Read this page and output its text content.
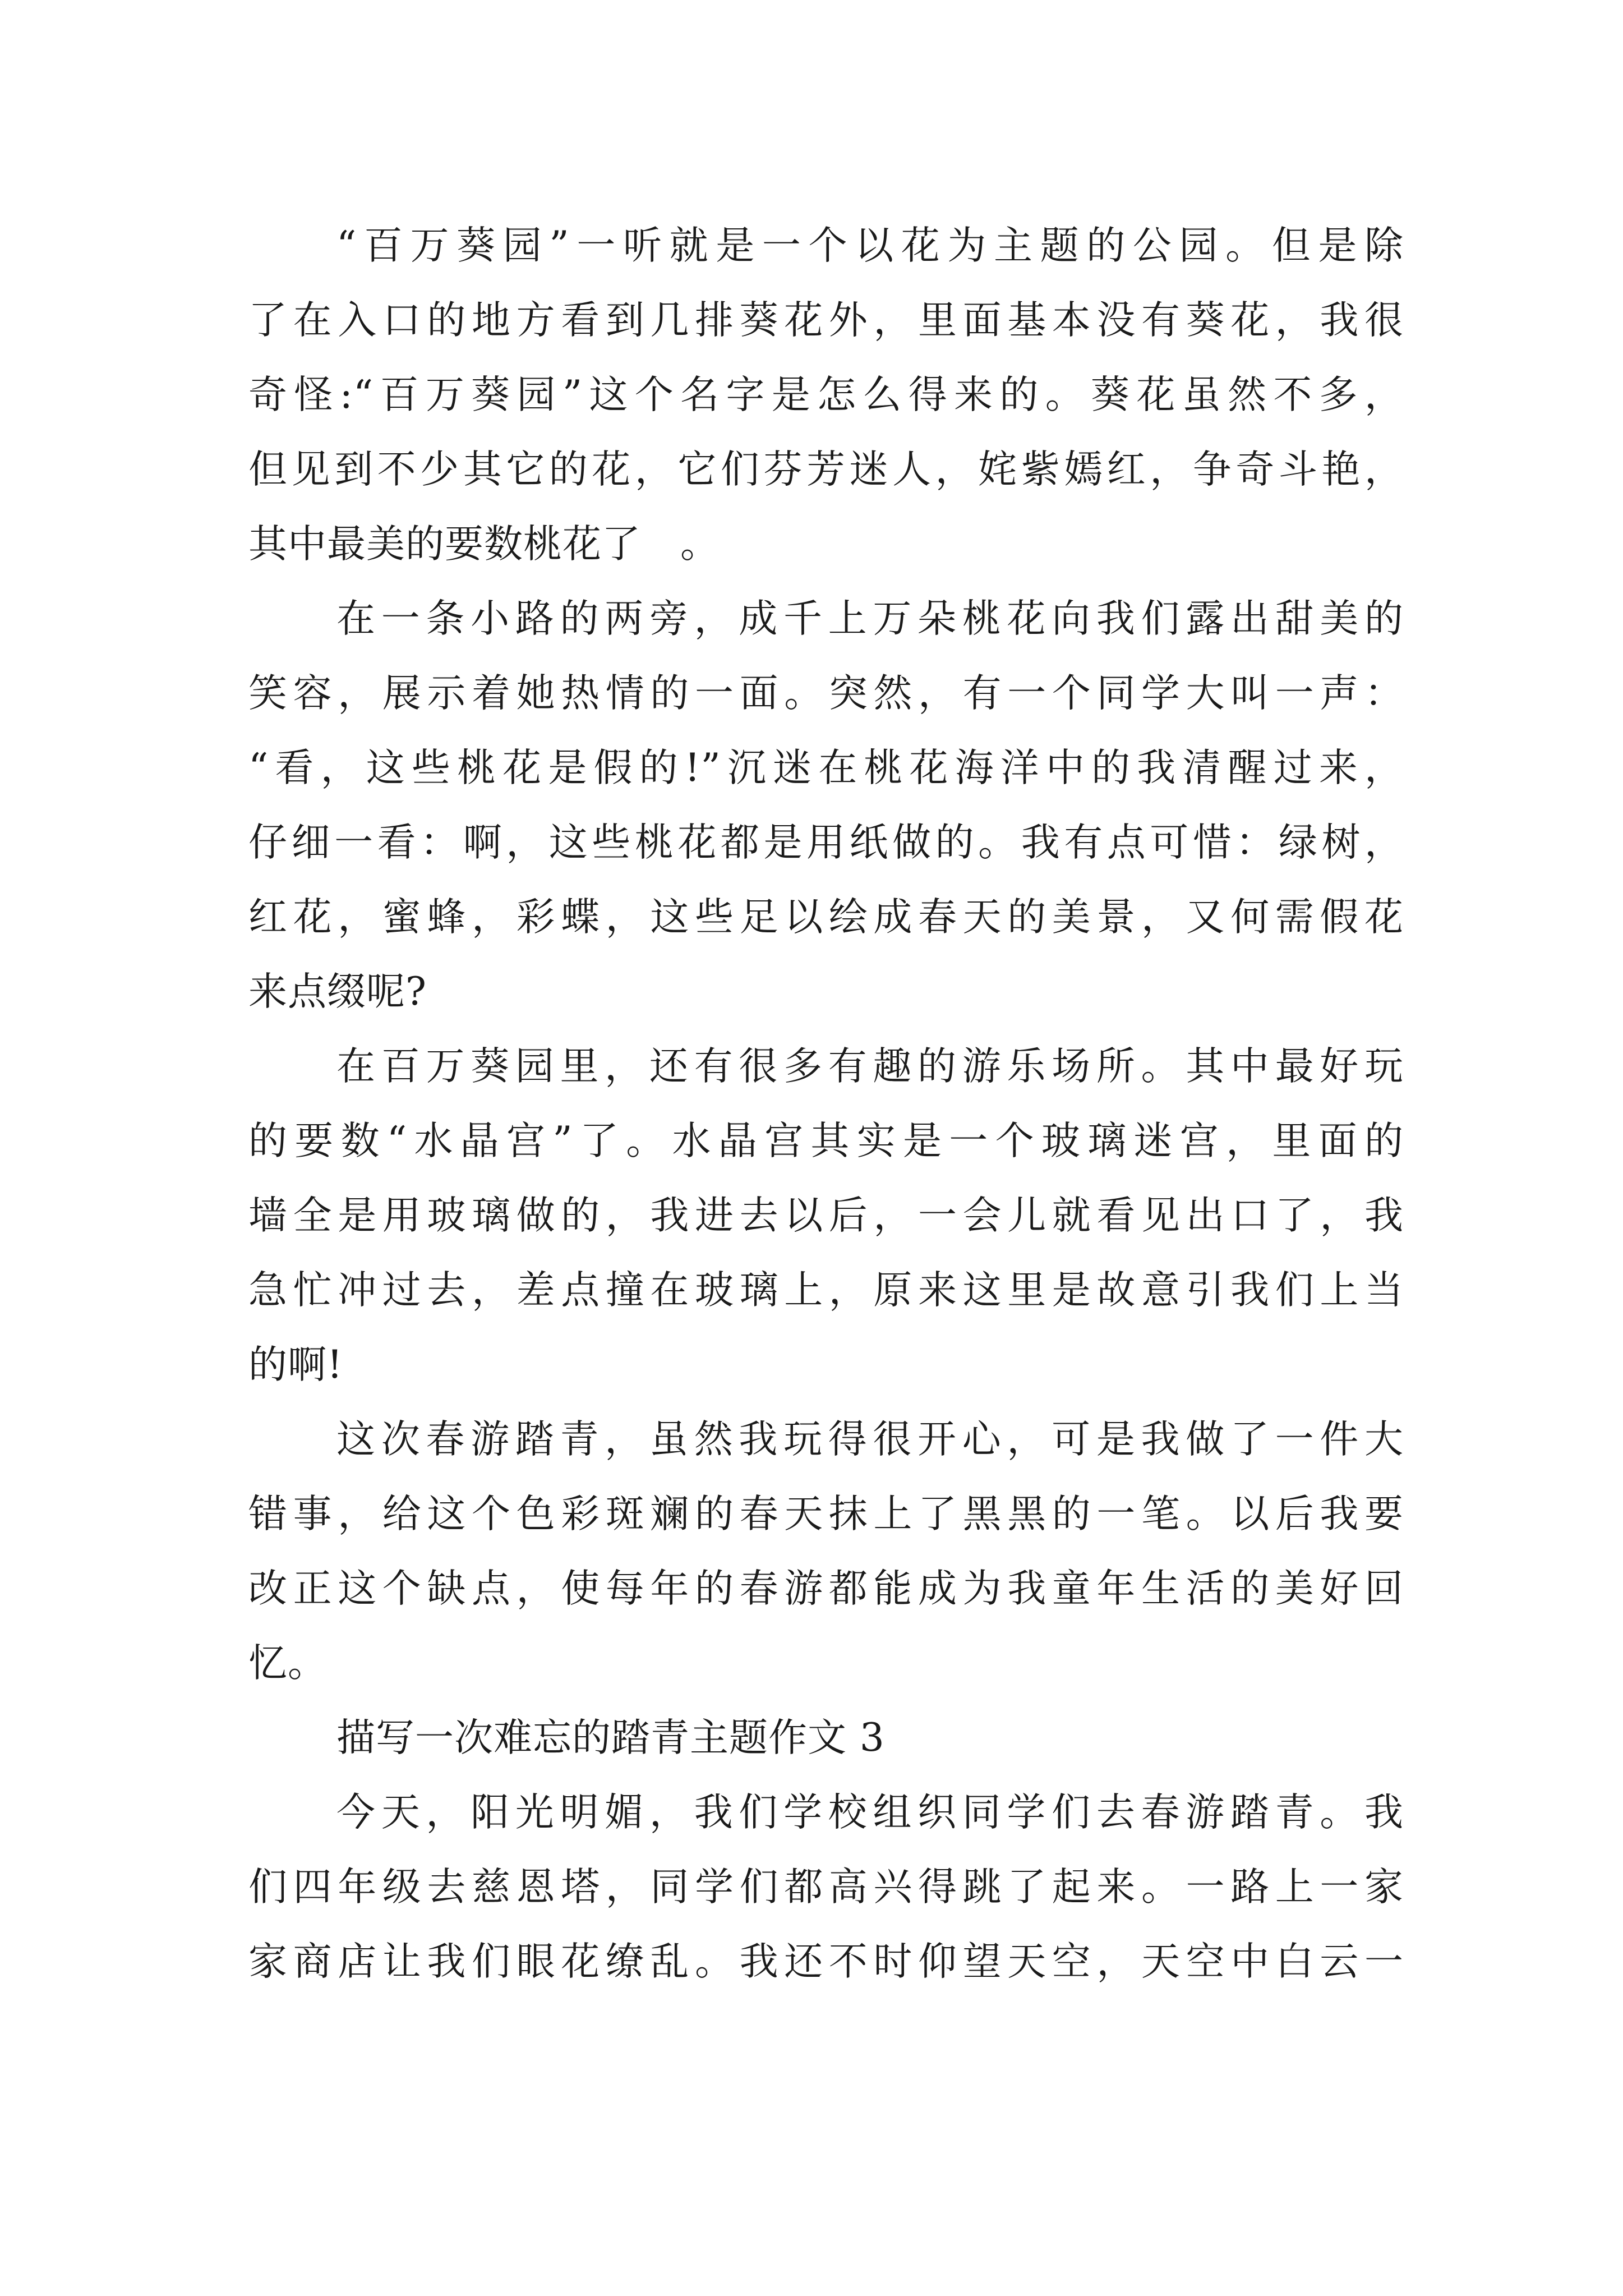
“百万葵园”一听就是一个以花为主题的公园。但是除
了在入口的地方看到几排葵花外，里面基本没有葵花，我很
奇怪:“百万葵园”这个名字是怎么得来的。葵花虽然不多，
但见到不少其它的花，它们芬芳迷人，姹紫嫣红，争奇斗艳，
其中最美的要数桃花了　。
在一条小路的两旁，成千上万朵桃花向我们露出甜美的
笑容，展示着她热情的一面。突然，有一个同学大叫一声：
“看，这些桃花是假的!”沉迷在桃花海洋中的我清醒过来，
仔细一看：啊，这些桃花都是用纸做的。我有点可惜：绿树，
红花，蜜蜂，彩蝶，这些足以绘成春天的美景，又何需假花
来点缀呢?
在百万葵园里，还有很多有趣的游乐场所。其中最好玩
的要数“水晶宫”了。水晶宫其实是一个玻璃迷宫，里面的
墙全是用玻璃做的，我进去以后，一会儿就看见出口了，我
急忙冲过去，差点撞在玻璃上，原来这里是故意引我们上当
的啊!
这次春游踏青，虽然我玩得很开心，可是我做了一件大
错事，给这个色彩斑斓的春天抹上了黑黑的一笔。以后我要
改正这个缺点，使每年的春游都能成为我童年生活的美好回
忆。
描写一次难忘的踏青主题作文 3
今天，阳光明媚，我们学校组织同学们去春游踏青。我
们四年级去慈恩塔，同学们都高兴得跳了起来。一路上一家
家商店让我们眼花缭乱。我还不时仰望天空，天空中白云一
